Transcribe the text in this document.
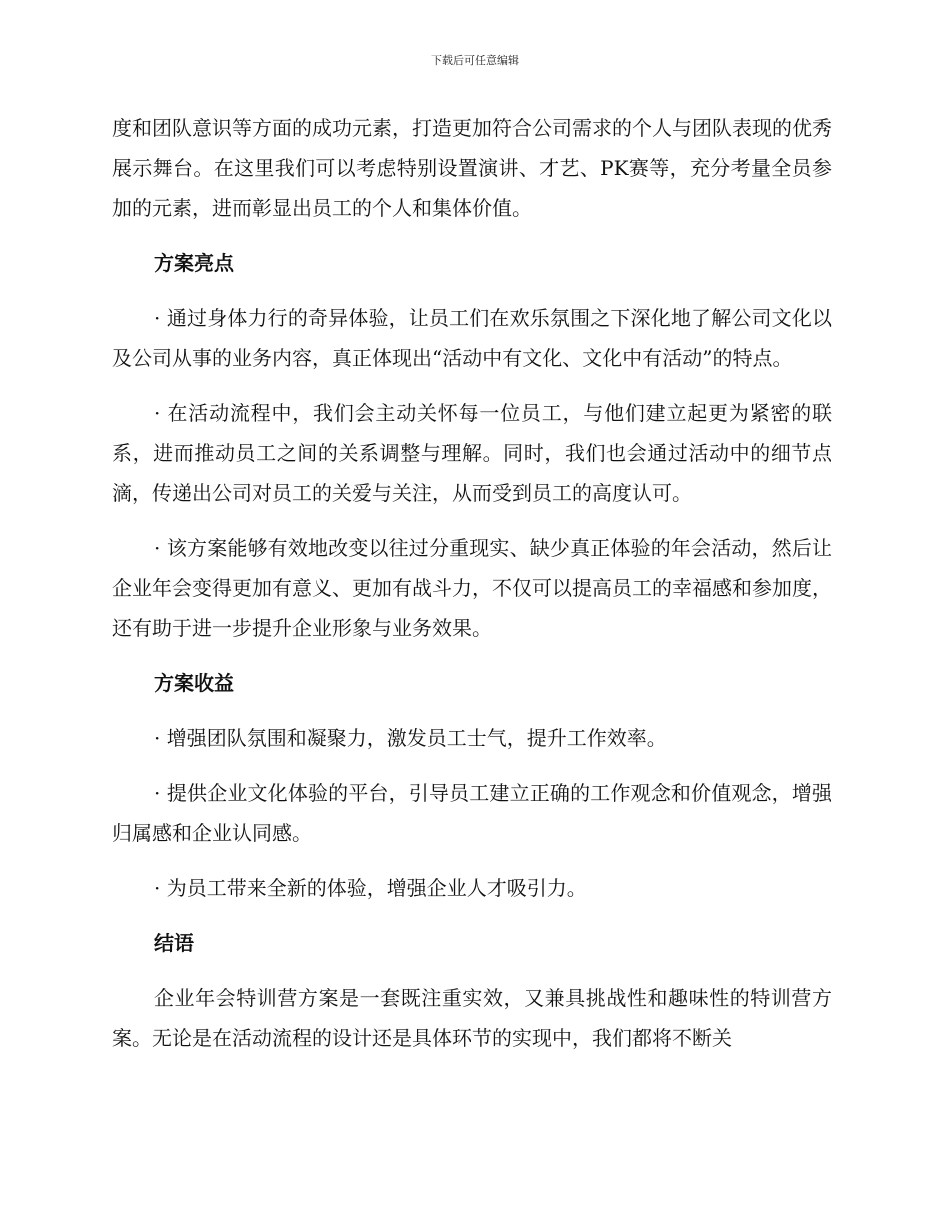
下载后可任意编辑

度和团队意识等方面的成功元素，打造更加符合公司需求的个人与团队表现的优秀展示舞台。在这里我们可以考虑特别设置演讲、才艺、PK赛等，充分考量全员参加的元素，进而彰显出员工的个人和集体价值。

方案亮点

· 通过身体力行的奇异体验，让员工们在欢乐氛围之下深化地了解公司文化以及公司从事的业务内容，真正体现出“活动中有文化、文化中有活动”的特点。

· 在活动流程中，我们会主动关怀每一位员工，与他们建立起更为紧密的联系，进而推动员工之间的关系调整与理解。同时，我们也会通过活动中的细节点滴，传递出公司对员工的关爱与关注，从而受到员工的高度认可。

· 该方案能够有效地改变以往过分重现实、缺少真正体验的年会活动，然后让企业年会变得更加有意义、更加有战斗力，不仅可以提高员工的幸福感和参加度，还有助于进一步提升企业形象与业务效果。

方案收益

· 增强团队氛围和凝聚力，激发员工士气，提升工作效率。

· 提供企业文化体验的平台，引导员工建立正确的工作观念和价值观念，增强归属感和企业认同感。

· 为员工带来全新的体验，增强企业人才吸引力。

结语

企业年会特训营方案是一套既注重实效，又兼具挑战性和趣味性的特训营方案。无论是在活动流程的设计还是具体环节的实现中，我们都将不断关
